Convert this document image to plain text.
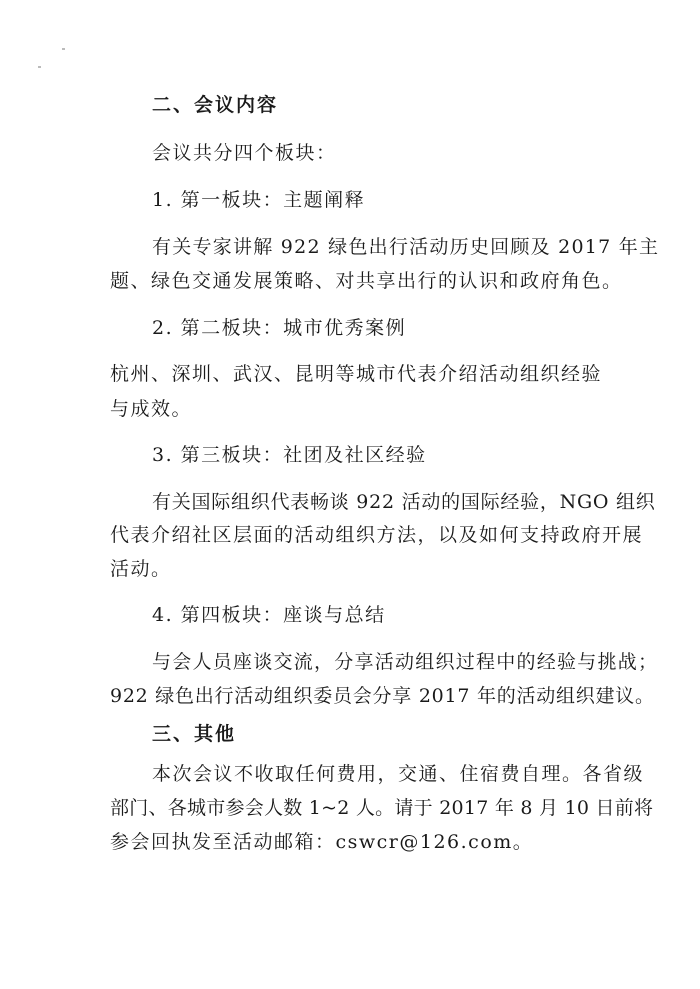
二、会议内容
会议共分四个板块：
1. 第一板块：主题阐释
有关专家讲解 922 绿色出行活动历史回顾及 2017 年主
题、绿色交通发展策略、对共享出行的认识和政府角色。
2. 第二板块：城市优秀案例
杭州、深圳、武汉、昆明等城市代表介绍活动组织经验
与成效。
3. 第三板块：社团及社区经验
有关国际组织代表畅谈 922 活动的国际经验，NGO 组织
代表介绍社区层面的活动组织方法，以及如何支持政府开展
活动。
4. 第四板块：座谈与总结
与会人员座谈交流，分享活动组织过程中的经验与挑战；
922 绿色出行活动组织委员会分享 2017 年的活动组织建议。
三、其他
本次会议不收取任何费用，交通、住宿费自理。各省级
部门、各城市参会人数 1~2 人。请于 2017 年 8 月 10 日前将
参会回执发至活动邮箱：cswcr@126.com。
